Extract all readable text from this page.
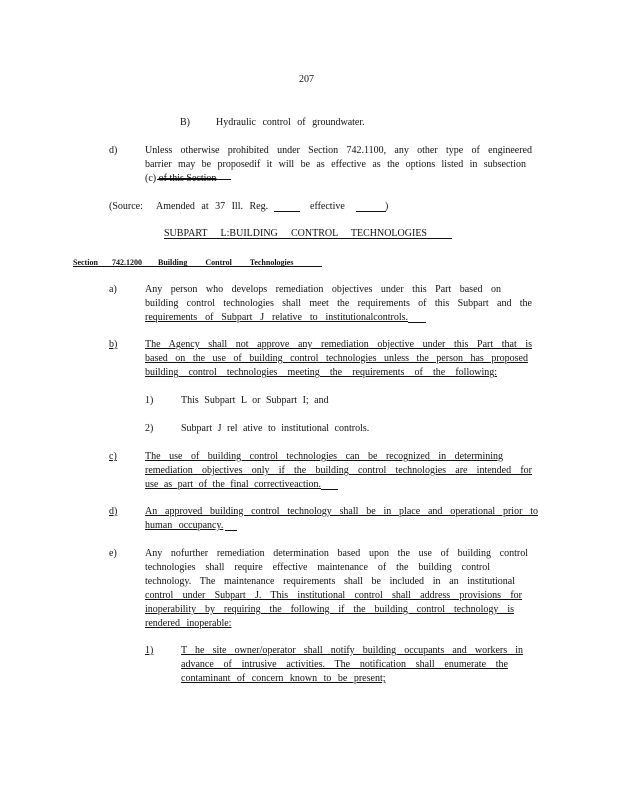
207
B)	Hydraulic control of groundwater.
d)	Unless otherwise prohibited under Section 742.1100, any other type of engineered
barrier may be proposedif it will be as effective as the options listed in subsection
(c) of this Section
(Source: Amended at 37 Ill. Reg.	effective	)
SUBPART L:BUILDING CONTROL TECHNOLOGIES
Section 742.1200 Building Control Technologies
a)	Any person who develops remediation objectives under this Part based on
building control technologies shall meet the requirements of this Subpart and the
requirements of Subpart J relative to institutionalcontrols.
b)	The Agency shall not approve any remediation objective under this Part that is
based on the use of building control technologies unless the person has proposed
building control technologies meeting the requirements of the following:
1)	This Subpart L or Subpart I; and
2)	Subpart J rel ative to institutional controls.
c)	The use of building control technologies can be recognized in determining
remediation objectives only if the building control technologies are intended for
use as part of the final correctiveaction.
d)	An approved building control technology shall be in place and operational prior to
human occupancy.
e)	Any nofurther remediation determination based upon the use of building control
technologies shall require effective maintenance of the building control
technology. The maintenance requirements shall be included in an institutional
control under Subpart J. This institutional control shall address provisions for
inoperability by requiring the following if the building control technology is
rendered inoperable:
1)	T he site owner/operator shall notify building occupants and workers in
advance of intrusive activities. The notification shall enumerate the
contaminant of concern known to be present;
